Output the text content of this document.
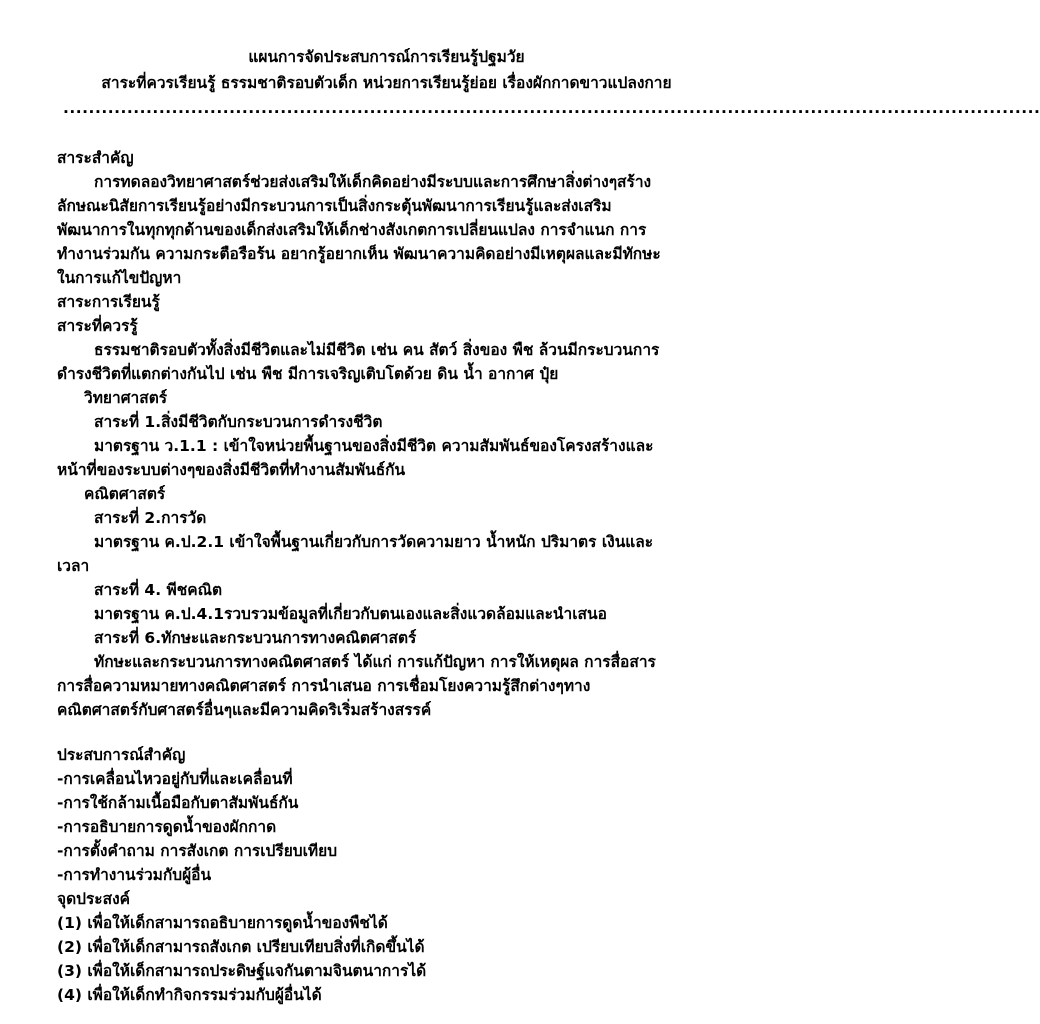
แผนการจัดประสบการณ์การเรียนรู้ปฐมวัย
สาระที่ควรเรียนรู้ ธรรมชาติรอบตัวเด็ก หน่วยการเรียนรู้ย่อย เรื่องผักกาดขาวแปลงกาย
.........................................................................................................................................................
สาระสำคัญ
การทดลองวิทยาศาสตร์ช่วยส่งเสริมให้เด็กคิดอย่างมีระบบและการศึกษาสิ่งต่างๆสร้าง
ลักษณะนิสัยการเรียนรู้อย่างมีกระบวนการเป็นสิ่งกระตุ้นพัฒนาการเรียนรู้และส่งเสริม
พัฒนาการในทุกทุกด้านของเด็กส่งเสริมให้เด็กช่างสังเกตการเปลี่ยนแปลง การจำแนก การ
ทำงานร่วมกัน ความกระตือรือร้น อยากรู้อยากเห็น พัฒนาความคิดอย่างมีเหตุผลและมีทักษะ
ในการแก้ไขปัญหา
สาระการเรียนรู้
สาระที่ควรรู้
ธรรมชาติรอบตัวทั้งสิ่งมีชีวิตและไม่มีชีวิต เช่น คน สัตว์ สิ่งของ พืช ล้วนมีกระบวนการ
ดำรงชีวิตที่แตกต่างกันไป เช่น พืช มีการเจริญเติบโตด้วย ดิน น้ำ อากาศ ปุ๋ย
วิทยาศาสตร์
สาระที่ 1.สิ่งมีชีวิตกับกระบวนการดำรงชีวิต
มาตรฐาน ว.1.1 : เข้าใจหน่วยพื้นฐานของสิ่งมีชีวิต ความสัมพันธ์ของโครงสร้างและ
หน้าที่ของระบบต่างๆของสิ่งมีชีวิตที่ทำงานสัมพันธ์กัน
คณิตศาสตร์
สาระที่ 2.การวัด
มาตรฐาน ค.ป.2.1 เข้าใจพื้นฐานเกี่ยวกับการวัดความยาว น้ำหนัก ปริมาตร เงินและ
เวลา
สาระที่ 4. พีชคณิต
มาตรฐาน ค.ป.4.1รวบรวมข้อมูลที่เกี่ยวกับตนเองและสิ่งแวดล้อมและนำเสนอ
สาระที่ 6.ทักษะและกระบวนการทางคณิตศาสตร์
ทักษะและกระบวนการทางคณิตศาสตร์ ได้แก่ การแก้ปัญหา การให้เหตุผล การสื่อสาร
การสื่อความหมายทางคณิตศาสตร์ การนำเสนอ การเชื่อมโยงความรู้สึกต่างๆทาง
คณิตศาสตร์กับศาสตร์อื่นๆและมีความคิดริเริ่มสร้างสรรค์
ประสบการณ์สำคัญ
-การเคลื่อนไหวอยู่กับที่และเคลื่อนที่
-การใช้กล้ามเนื้อมือกับตาสัมพันธ์กัน
-การอธิบายการดูดน้ำของผักกาด
-การตั้งคำถาม การสังเกต การเปรียบเทียบ
-การทำงานร่วมกับผู้อื่น
จุดประสงค์
(1) เพื่อให้เด็กสามารถอธิบายการดูดน้ำของพืชได้
(2) เพื่อให้เด็กสามารถสังเกต เปรียบเทียบสิ่งที่เกิดขึ้นได้
(3) เพื่อให้เด็กสามารถประดิษฐ์แจกันตามจินตนาการได้
(4) เพื่อให้เด็กทำกิจกรรมร่วมกับผู้อื่นได้
